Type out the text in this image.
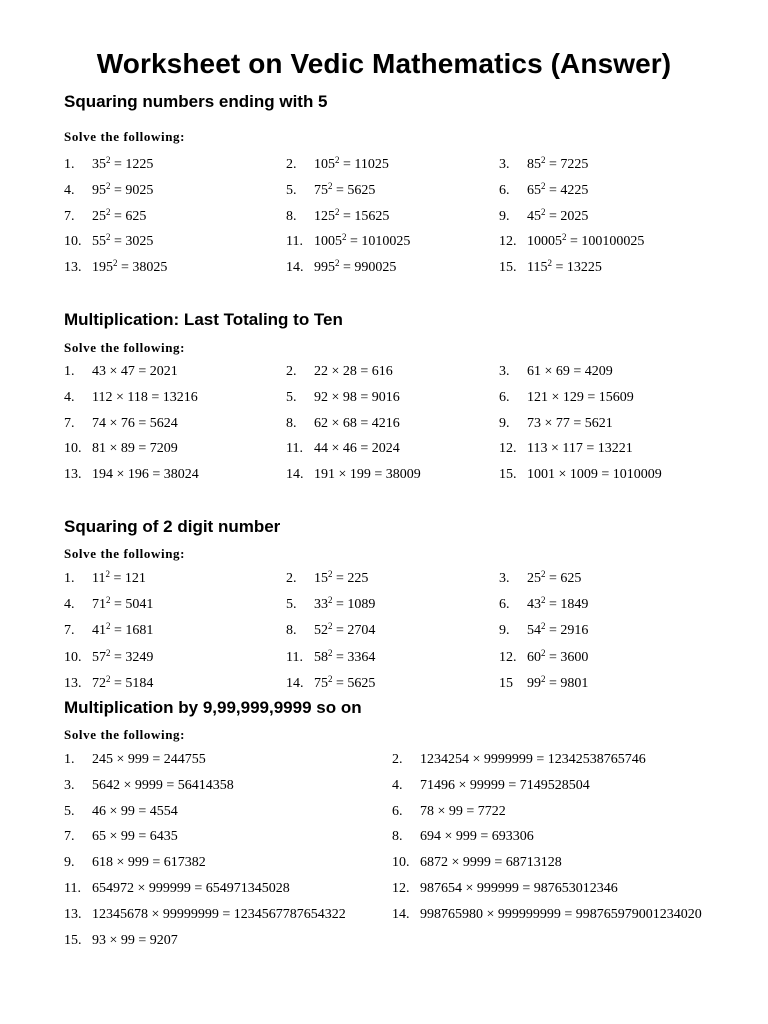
Worksheet on Vedic Mathematics (Answer)
Squaring numbers ending with 5
Solve the following:
1. $35^2 = 1225$	2. $105^2 = 11025$	3. $85^2 = 7225$
4. $95^2 = 9025$	5. $75^2 = 5625$	6. $65^2 = 4225$
7. $25^2 = 625$	8. $125^2 = 15625$	9. $45^2 = 2025$
10. $55^2 = 3025$	11. $1005^2 = 1010025$	12. $10005^2 = 100100025$
13. $195^2 = 38025$	14. $995^2 = 990025$	15. $115^2 = 13225$
Multiplication: Last Totaling to Ten
Solve the following:
1. 43 × 47 = 2021	2. 22 × 28 = 616	3. 61 × 69 = 4209
4. 112 × 118 = 13216	5. 92 × 98 = 9016	6. 121 × 129 = 15609
7. 74 × 76 = 5624	8. 62 × 68 = 4216	9. 73 × 77 = 5621
10. 81 × 89 = 7209	11. 44 × 46 = 2024	12. 113 × 117 = 13221
13. 194 × 196 = 38024	14. 191 × 199 = 38009	15. 1001 × 1009 = 1010009
Squaring of 2 digit number
Solve the following:
1. $11^2 = 121$	2. $15^2 = 225$	3. $25^2 = 625$
4. $71^2 = 5041$	5. $33^2 = 1089$	6. $43^2 = 1849$
7. $41^2 = 1681$	8. $52^2 = 2704$	9. $54^2 = 2916$
10. $57^2 = 3249$	11. $58^2 = 3364$	12. $60^2 = 3600$
13. $72^2 = 5184$	14. $75^2 = 5625$	15 $99^2 = 9801$
Multiplication by 9,99,999,9999 so on
Solve the following:
1. 245 × 999 = 244755	2. 1234254 × 9999999 = 12342538765746
3. 5642 × 9999 = 56414358	4. 71496 × 99999 = 7149528504
5. 46 × 99 = 4554	6. 78 × 99 = 7722
7. 65 × 99 = 6435	8. 694 × 999 = 693306
9. 618 × 999 = 617382	10. 6872 × 9999 = 68713128
11. 654972 × 999999 = 654971345028	12. 987654 × 999999 = 987653012346
13. 12345678 × 99999999 = 1234567787654322	14. 998765980 × 999999999 = 998765979001234020
15. 93 × 99 = 9207
